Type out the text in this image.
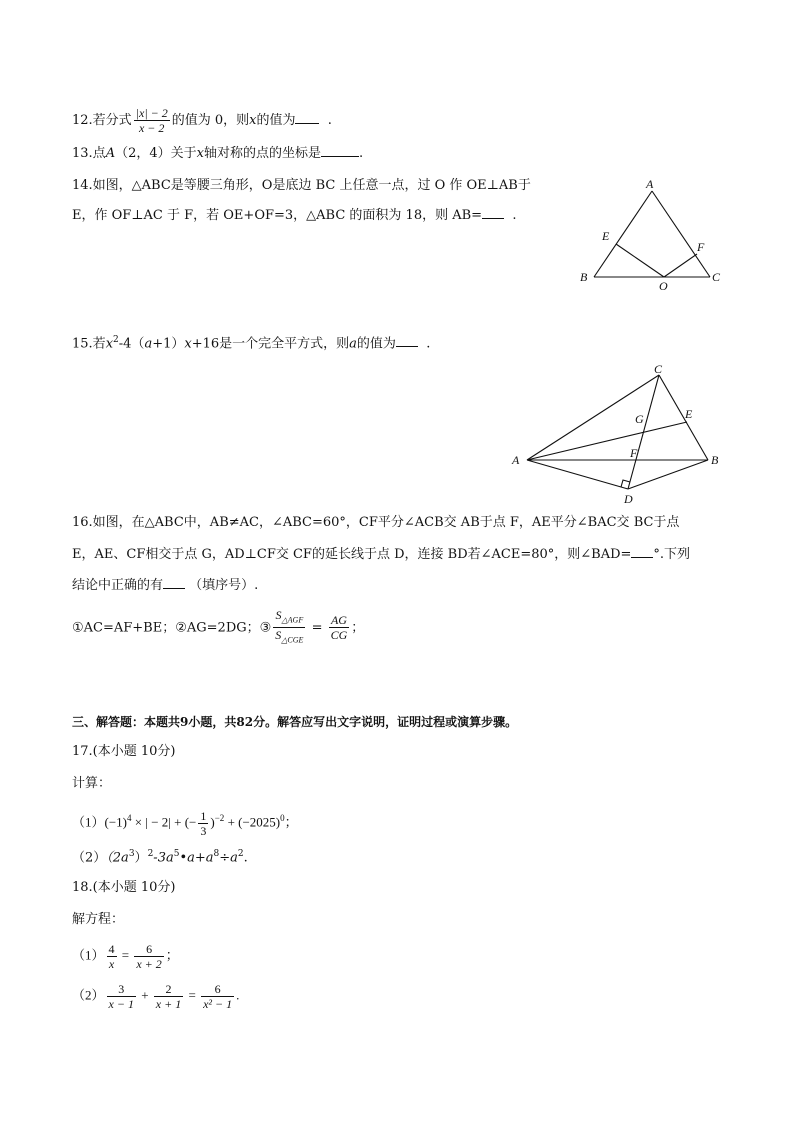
12.若分式 $\frac{|x| - 2}{x - 2}$ 的值为 0，则x的值为 .
13.点A（2，4）关于x轴对称的点的坐标是	.
14.如图，△ABC是等腰三角形，O是底边 BC 上任意一点，过 O 作 OE⊥AB于
E，作 OF⊥AC 于 F，若 OE+OF=3，△ABC 的面积为 18，则 AB= .
A
B	C
E
F
O
15.若$x^2-4(a+1)x+16$是一个完全平方式，则a的值为 .
C
A	B
E
G
F
D
16.如图，在△ABC中，AB≠AC，∠ABC=60°，CF平分∠ACB交 AB于点 F，AE平分∠BAC交 BC于点
E，AE、CF相交于点 G，AD⊥CF交 CF的延长线于点 D，连接 BD若∠ACE=80°，则∠BAD= °.下列
结论中正确的有 （填序号）.
①AC=AF+BE；②AG=2DG；③ $\frac{S_{\triangle AGF}}{S_{\triangle CGE}} = \frac{AG}{CG}$ ；
三、解答题：本题共9小题，共82分。解答应写出文字说明，证明过程或演算步骤。
17.(本小题 10分)
计算：
$(1)(-1)^4$ × | − 2| + (− $\frac{1}{3} )^{-2} + (-2025)^0$；
$(2)(2a^3)^2-3a^5•a+a^8\div a^2$.
18.(本小题 10分)
解方程：
$(1) \frac{4}{x} = \frac{6}{x + 2}$ ；
$(2) \frac{3}{x - 1} + \frac{2}{x + 1} = \frac{6}{\text{x² − 1}}$ .
